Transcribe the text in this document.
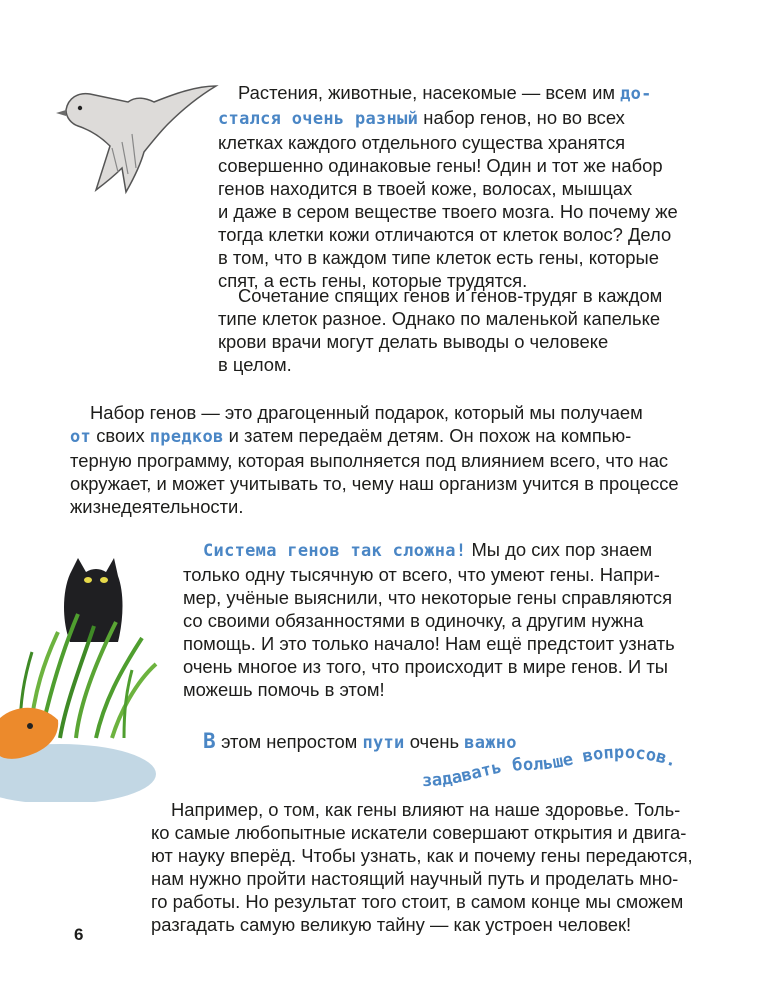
Растения, животные, насекомые — всем им до-
стался очень разный набор генов, но во всех
клетках каждого отдельного существа хранятся
совершенно одинаковые гены! Один и тот же набор
генов находится в твоей коже, волосах, мышцах
и даже в сером веществе твоего мозга. Но почему же
тогда клетки кожи отличаются от клеток волос? Дело
в том, что в каждом типе клеток есть гены, которые
спят, а есть гены, которые трудятся.

Сочетание спящих генов и генов-трудяг в каждом
типе клеток разное. Однако по маленькой капельке
крови врачи могут делать выводы о человеке
в целом.

Набор генов — это драгоценный подарок, который мы получаем
от своих предков и затем передаём детям. Он похож на компью-
терную программу, которая выполняется под влиянием всего, что нас
окружает, и может учитывать то, чему наш организм учится в процессе
жизнедеятельности.

Система генов так сложна! Мы до сих пор знаем
только одну тысячную от всего, что умеют гены. Напри-
мер, учёные выяснили, что некоторые гены справляются
со своими обязанностями в одиночку, а другим нужна
помощь. И это только начало! Нам ещё предстоит узнать
очень многое из того, что происходит в мире генов. И ты
можешь помочь в этом!

В этом непростом пути очень важно

задавать больше вопросов.

Например, о том, как гены влияют на наше здоровье. Толь-
ко самые любопытные искатели совершают открытия и двига-
ют науку вперёд. Чтобы узнать, как и почему гены передаются,
нам нужно пройти настоящий научный путь и проделать мно-
го работы. Но результат того стоит, в самом конце мы сможем
разгадать самую великую тайну — как устроен человек!

6
